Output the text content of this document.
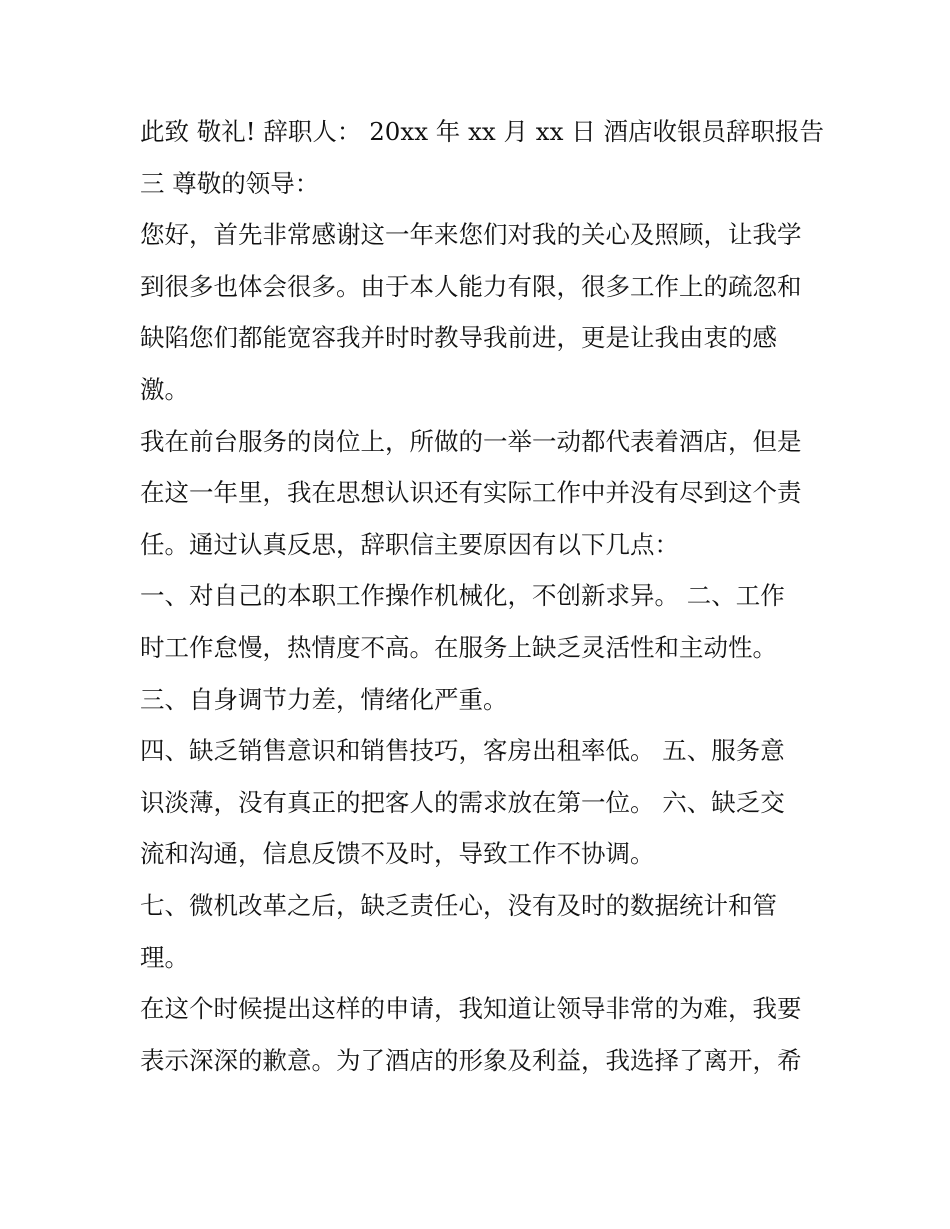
此致 敬礼! 辞职人： 20xx 年 xx 月 xx 日 酒店收银员辞职报告
三 尊敬的领导：
您好，首先非常感谢这一年来您们对我的关心及照顾，让我学
到很多也体会很多。由于本人能力有限，很多工作上的疏忽和
缺陷您们都能宽容我并时时教导我前进，更是让我由衷的感
激。
我在前台服务的岗位上，所做的一举一动都代表着酒店，但是
在这一年里，我在思想认识还有实际工作中并没有尽到这个责
任。通过认真反思，辞职信主要原因有以下几点：
一、对自己的本职工作操作机械化，不创新求异。 二、工作
时工作怠慢，热情度不高。在服务上缺乏灵活性和主动性。
三、自身调节力差，情绪化严重。
四、缺乏销售意识和销售技巧，客房出租率低。 五、服务意
识淡薄，没有真正的把客人的需求放在第一位。 六、缺乏交
流和沟通，信息反馈不及时，导致工作不协调。
七、微机改革之后，缺乏责任心，没有及时的数据统计和管
理。
在这个时候提出这样的申请，我知道让领导非常的为难，我要
表示深深的歉意。为了酒店的形象及利益，我选择了离开，希
